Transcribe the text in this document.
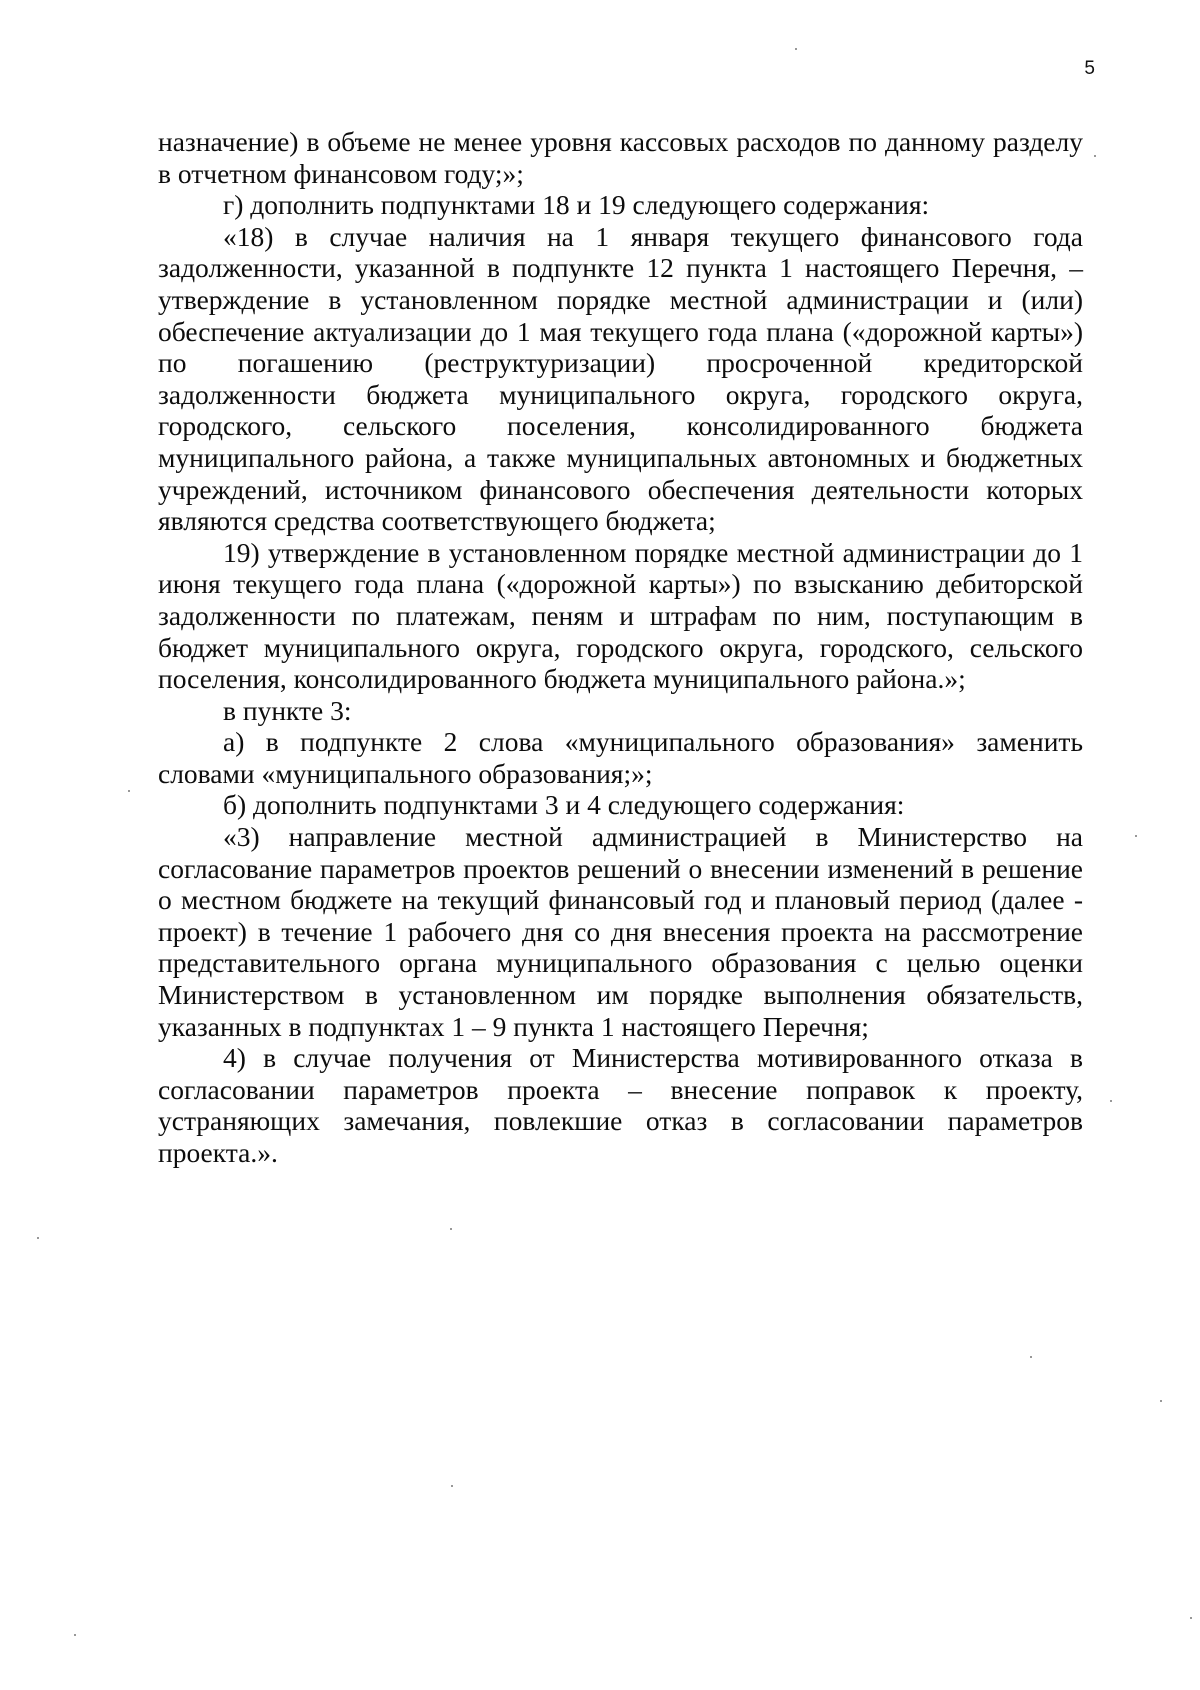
5

назначение) в объеме не менее уровня кассовых расходов по данному разделу в отчетном финансовом году;»;

г) дополнить подпунктами 18 и 19 следующего содержания:

«18) в случае наличия на 1 января текущего финансового года задолженности, указанной в подпункте 12 пункта 1 настоящего Перечня, – утверждение в установленном порядке местной администрации и (или) обеспечение актуализации до 1 мая текущего года плана («дорожной карты») по погашению (реструктуризации) просроченной кредиторской задолженности бюджета муниципального округа, городского округа, городского, сельского поселения, консолидированного бюджета муниципального района, а также муниципальных автономных и бюджетных учреждений, источником финансового обеспечения деятельности которых являются средства соответствующего бюджета;

19) утверждение в установленном порядке местной администрации до 1 июня текущего года плана («дорожной карты») по взысканию дебиторской задолженности по платежам, пеням и штрафам по ним, поступающим в бюджет муниципального округа, городского округа, городского, сельского поселения, консолидированного бюджета муниципального района.»;

в пункте 3:

а) в подпункте 2 слова «муниципального образования» заменить словами «муниципального образования;»;

б) дополнить подпунктами 3 и 4 следующего содержания:

«3) направление местной администрацией в Министерство на согласование параметров проектов решений о внесении изменений в решение о местном бюджете на текущий финансовый год и плановый период (далее - проект) в течение 1 рабочего дня со дня внесения проекта на рассмотрение представительного органа муниципального образования с целью оценки Министерством в установленном им порядке выполнения обязательств, указанных в подпунктах 1 – 9 пункта 1 настоящего Перечня;

4) в случае получения от Министерства мотивированного отказа в согласовании параметров проекта – внесение поправок к проекту, устраняющих замечания, повлекшие отказ в согласовании параметров проекта.».
